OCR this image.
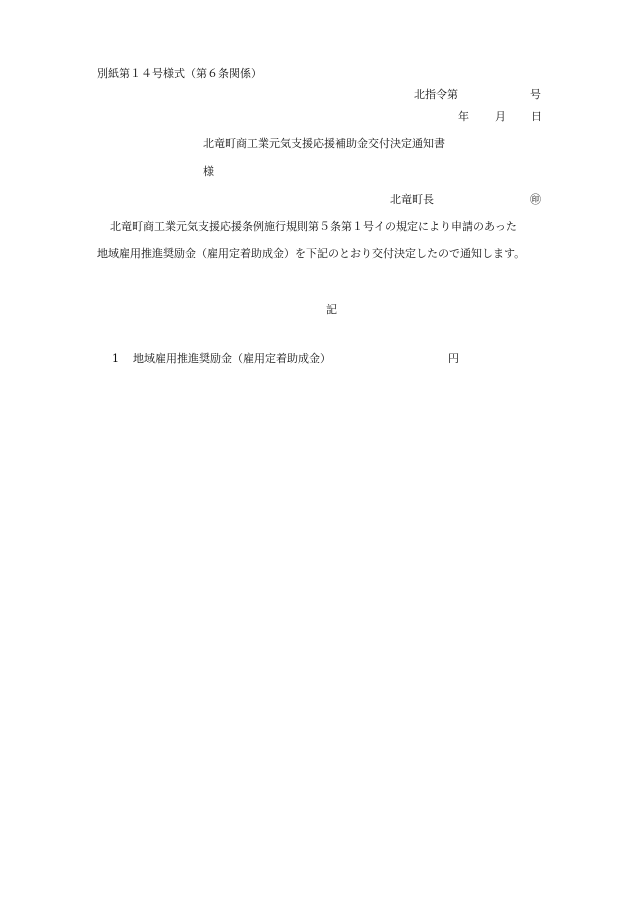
別紙第１４号様式（第６条関係）

北指令第	号

年 月 日

北竜町商工業元気支援応援補助金交付決定通知書

様

北竜町長	㊞

北竜町商工業元気支援応援条例施行規則第５条第１号イの規定により申請のあった

地域雇用推進奨励金（雇用定着助成金）を下記のとおり交付決定したので通知します。

記

1 地域雇用推進奨励金（雇用定着助成金）	円
